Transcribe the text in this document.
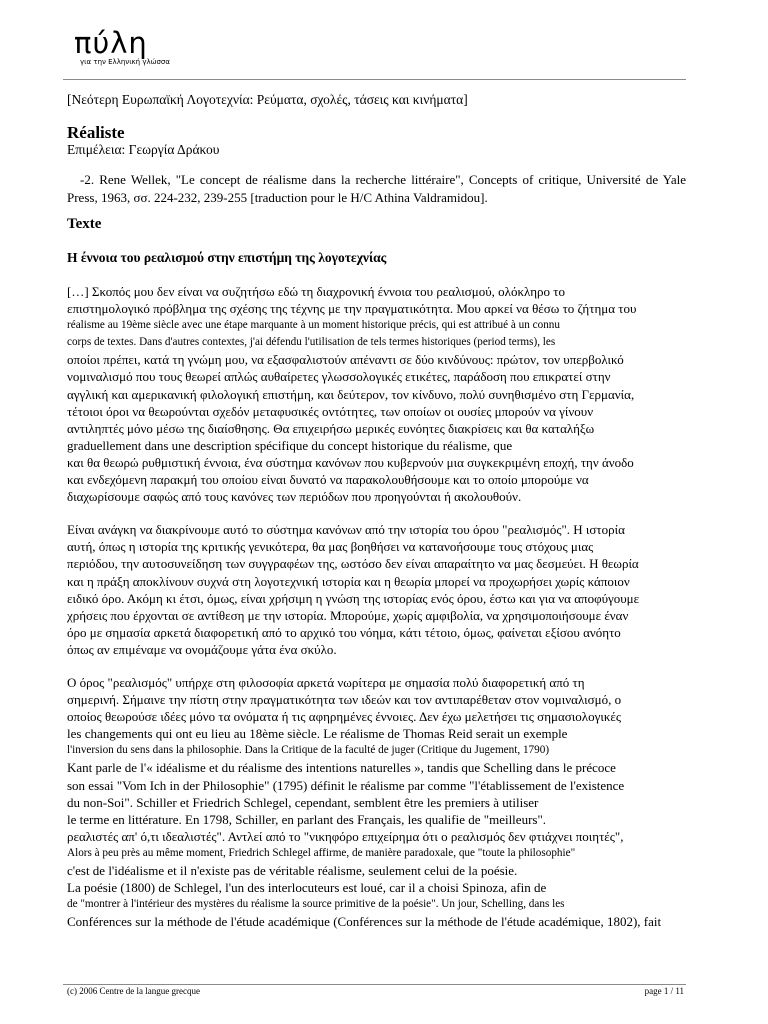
πύλη
για την Ελληνική γλώσσα

[Νεότερη Ευρωπαϊκή Λογοτεχνία: Ρεύματα, σχολές, τάσεις και κινήματα]

Réaliste

Επιμέλεια: Γεωργία Δράκου

-2. Rene Wellek, "Le concept de réalisme dans la recherche littéraire", Concepts of critique, Université de Yale Press, 1963, σσ. 224-232, 239-255 [traduction pour le H/C Athina Valdramidou].

Texte
Η έννοια του ρεαλισμού στην επιστήμη της λογοτεχνίας

[…] Σκοπός μου δεν είναι να συζητήσω εδώ τη διαχρονική έννοια του ρεαλισμού, ολόκληρο το
επιστημολογικό πρόβλημα της σχέσης της τέχνης με την πραγματικότητα. Μου αρκεί να θέσω το ζήτημα του
réalisme au 19ème siècle avec une étape marquante à un moment historique précis, qui est attribué à un connu
corps de textes. Dans d'autres contextes, j'ai défendu l'utilisation de tels termes historiques (period terms), les
οποίοι πρέπει, κατά τη γνώμη μου, να εξασφαλιστούν απέναντι σε δύο κινδύνους: πρώτον, τον υπερβολικό
νομιναλισμό που τους θεωρεί απλώς αυθαίρετες γλωσσολογικές ετικέτες, παράδοση που επικρατεί στην
αγγλική και αμερικανική φιλολογική επιστήμη, και δεύτερον, τον κίνδυνο, πολύ συνηθισμένο στη Γερμανία,
τέτοιοι όροι να θεωρούνται σχεδόν μεταφυσικές οντότητες, των οποίων οι ουσίες μπορούν να γίνουν
αντιληπτές μόνο μέσω της διαίσθησης. Θα επιχειρήσω μερικές ευνόητες διακρίσεις και θα καταλήξω
graduellement dans une description spécifique du concept historique du réalisme, que
και θα θεωρώ ρυθμιστική έννοια, ένα σύστημα κανόνων που κυβερνούν μια συγκεκριμένη εποχή, την άνοδο
και ενδεχόμενη παρακμή του οποίου είναι δυνατό να παρακολουθήσουμε και το οποίο μπορούμε να
διαχωρίσουμε σαφώς από τους κανόνες των περιόδων που προηγούνται ή ακολουθούν.

Είναι ανάγκη να διακρίνουμε αυτό το σύστημα κανόνων από την ιστορία του όρου "ρεαλισμός". Η ιστορία
αυτή, όπως η ιστορία της κριτικής γενικότερα, θα μας βοηθήσει να κατανοήσουμε τους στόχους μιας
περιόδου, την αυτοσυνείδηση των συγγραφέων της, ωστόσο δεν είναι απαραίτητο να μας δεσμεύει. Η θεωρία
και η πράξη αποκλίνουν συχνά στη λογοτεχνική ιστορία και η θεωρία μπορεί να προχωρήσει χωρίς κάποιον
ειδικό όρο. Ακόμη κι έτσι, όμως, είναι χρήσιμη η γνώση της ιστορίας ενός όρου, έστω και για να αποφύγουμε
χρήσεις που έρχονται σε αντίθεση με την ιστορία. Μπορούμε, χωρίς αμφιβολία, να χρησιμοποιήσουμε έναν
όρο με σημασία αρκετά διαφορετική από το αρχικό του νόημα, κάτι τέτοιο, όμως, φαίνεται εξίσου ανόητο
όπως αν επιμέναμε να ονομάζουμε γάτα ένα σκύλο.

Ο όρος "ρεαλισμός" υπήρχε στη φιλοσοφία αρκετά νωρίτερα με σημασία πολύ διαφορετική από τη
σημερινή. Σήμαινε την πίστη στην πραγματικότητα των ιδεών και τον αντιπαρέθεταν στον νομιναλισμό, ο
οποίος θεωρούσε ιδέες μόνο τα ονόματα ή τις αφηρημένες έννοιες. Δεν έχω μελετήσει τις σημασιολογικές
les changements qui ont eu lieu au 18ème siècle. Le réalisme de Thomas Reid serait un exemple
l'inversion du sens dans la philosophie. Dans la Critique de la faculté de juger (Critique du Jugement, 1790)
Kant parle de l'« idéalisme et du réalisme des intentions naturelles », tandis que Schelling dans le précoce
son essai "Vom Ich in der Philosophie" (1795) définit le réalisme par comme "l'établissement de l'existence
du non-Soi". Schiller et Friedrich Schlegel, cependant, semblent être les premiers à utiliser
le terme en littérature. En 1798, Schiller, en parlant des Français, les qualifie de "meilleurs".
ρεαλιστές απ' ό,τι ιδεαλιστές". Αντλεί από το "νικηφόρο επιχείρημα ότι ο ρεαλισμός δεν φτιάχνει ποιητές",
Alors à peu près au même moment, Friedrich Schlegel affirme, de manière paradoxale, que "toute la philosophie"
c'est de l'idéalisme et il n'existe pas de véritable réalisme, seulement celui de la poésie.
La poésie (1800) de Schlegel, l'un des interlocuteurs est loué, car il a choisi Spinoza, afin de
de "montrer à l'intérieur des mystères du réalisme la source primitive de la poésie". Un jour, Schelling, dans les
Conférences sur la méthode de l'étude académique (Conférences sur la méthode de l'étude académique, 1802), fait

(c) 2006 Centre de la langue grecque	page 1 / 11
